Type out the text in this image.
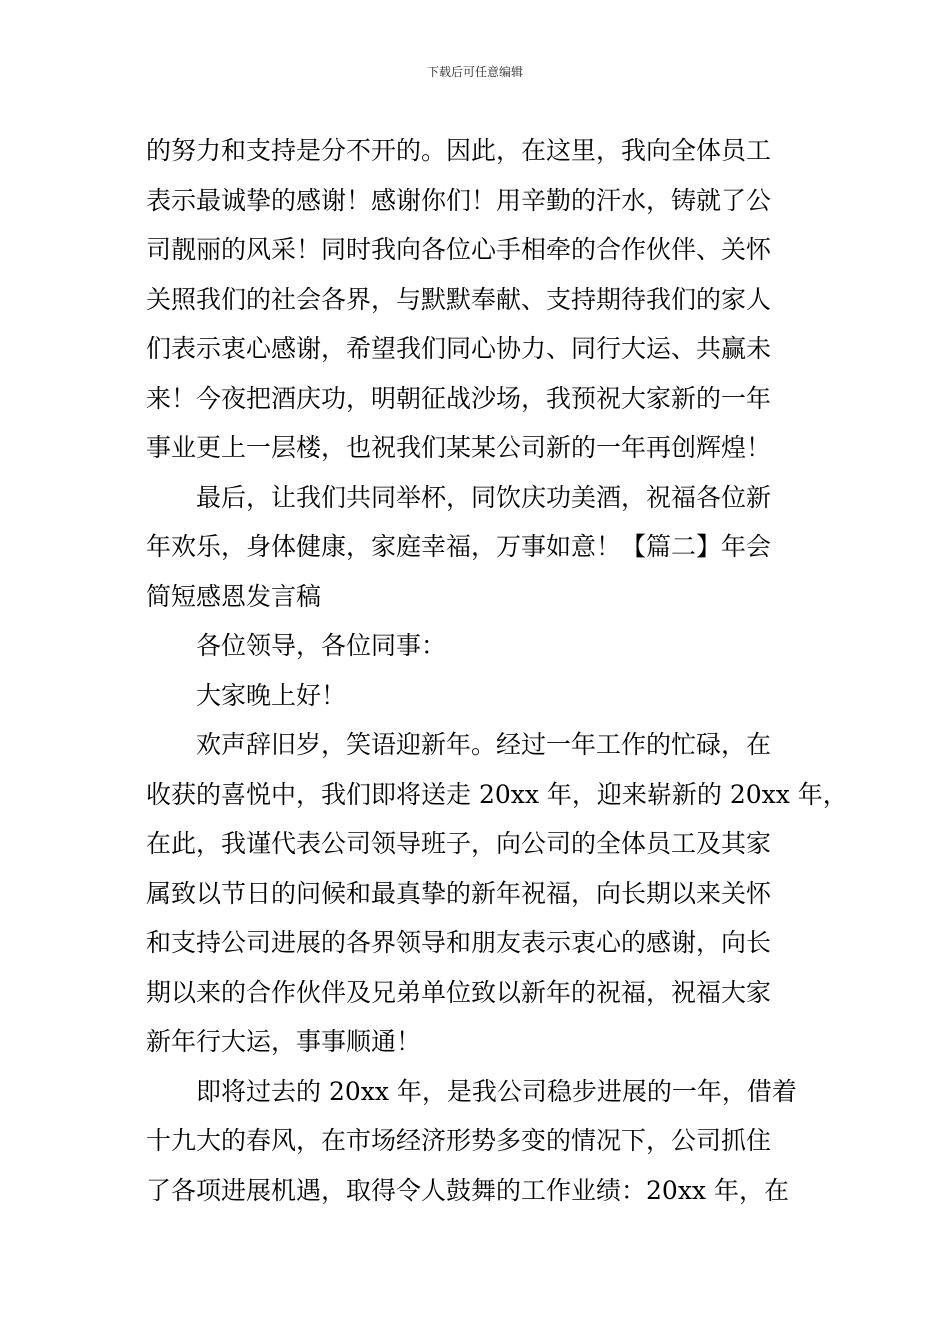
下载后可任意编辑
的努力和支持是分不开的。因此，在这里，我向全体员工
表示最诚挚的感谢！感谢你们！用辛勤的汗水，铸就了公
司靓丽的风采！同时我向各位心手相牵的合作伙伴、关怀
关照我们的社会各界，与默默奉献、支持期待我们的家人
们表示衷心感谢，希望我们同心协力、同行大运、共赢未
来！今夜把酒庆功，明朝征战沙场，我预祝大家新的一年
事业更上一层楼，也祝我们某某公司新的一年再创辉煌！
最后，让我们共同举杯，同饮庆功美酒，祝福各位新
年欢乐，身体健康，家庭幸福，万事如意！【篇二】年会
简短感恩发言稿
各位领导，各位同事：
大家晚上好！
欢声辞旧岁，笑语迎新年。经过一年工作的忙碌，在
收获的喜悦中，我们即将送走 20xx 年，迎来崭新的 20xx 年，
在此，我谨代表公司领导班子，向公司的全体员工及其家
属致以节日的问候和最真挚的新年祝福，向长期以来关怀
和支持公司进展的各界领导和朋友表示衷心的感谢，向长
期以来的合作伙伴及兄弟单位致以新年的祝福，祝福大家
新年行大运，事事顺通！
即将过去的 20xx 年，是我公司稳步进展的一年，借着
十九大的春风，在市场经济形势多变的情况下，公司抓住
了各项进展机遇，取得令人鼓舞的工作业绩：20xx 年，在
